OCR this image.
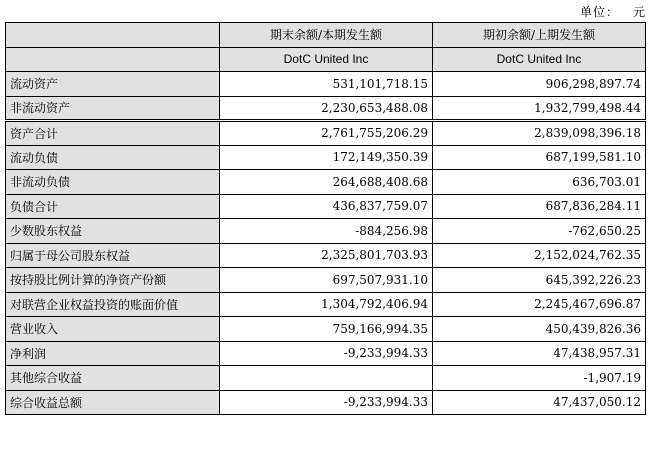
单位： 元
	期末余额/本期发生额	期初余额/上期发生额
	DotC United Inc	DotC United Inc
流动资产	531,101,718.15	906,298,897.74
非流动资产	2,230,653,488.08	1,932,799,498.44
资产合计	2,761,755,206.29	2,839,098,396.18
流动负债	172,149,350.39	687,199,581.10
非流动负债	264,688,408.68	636,703.01
负债合计	436,837,759.07	687,836,284.11
少数股东权益	-884,256.98	-762,650.25
归属于母公司股东权益	2,325,801,703.93	2,152,024,762.35
按持股比例计算的净资产份额	697,507,931.10	645,392,226.23
对联营企业权益投资的账面价值	1,304,792,406.94	2,245,467,696.87
营业收入	759,166,994.35	450,439,826.36
净利润	-9,233,994.33	47,438,957.31
其他综合收益		-1,907.19
综合收益总额	-9,233,994.33	47,437,050.12
